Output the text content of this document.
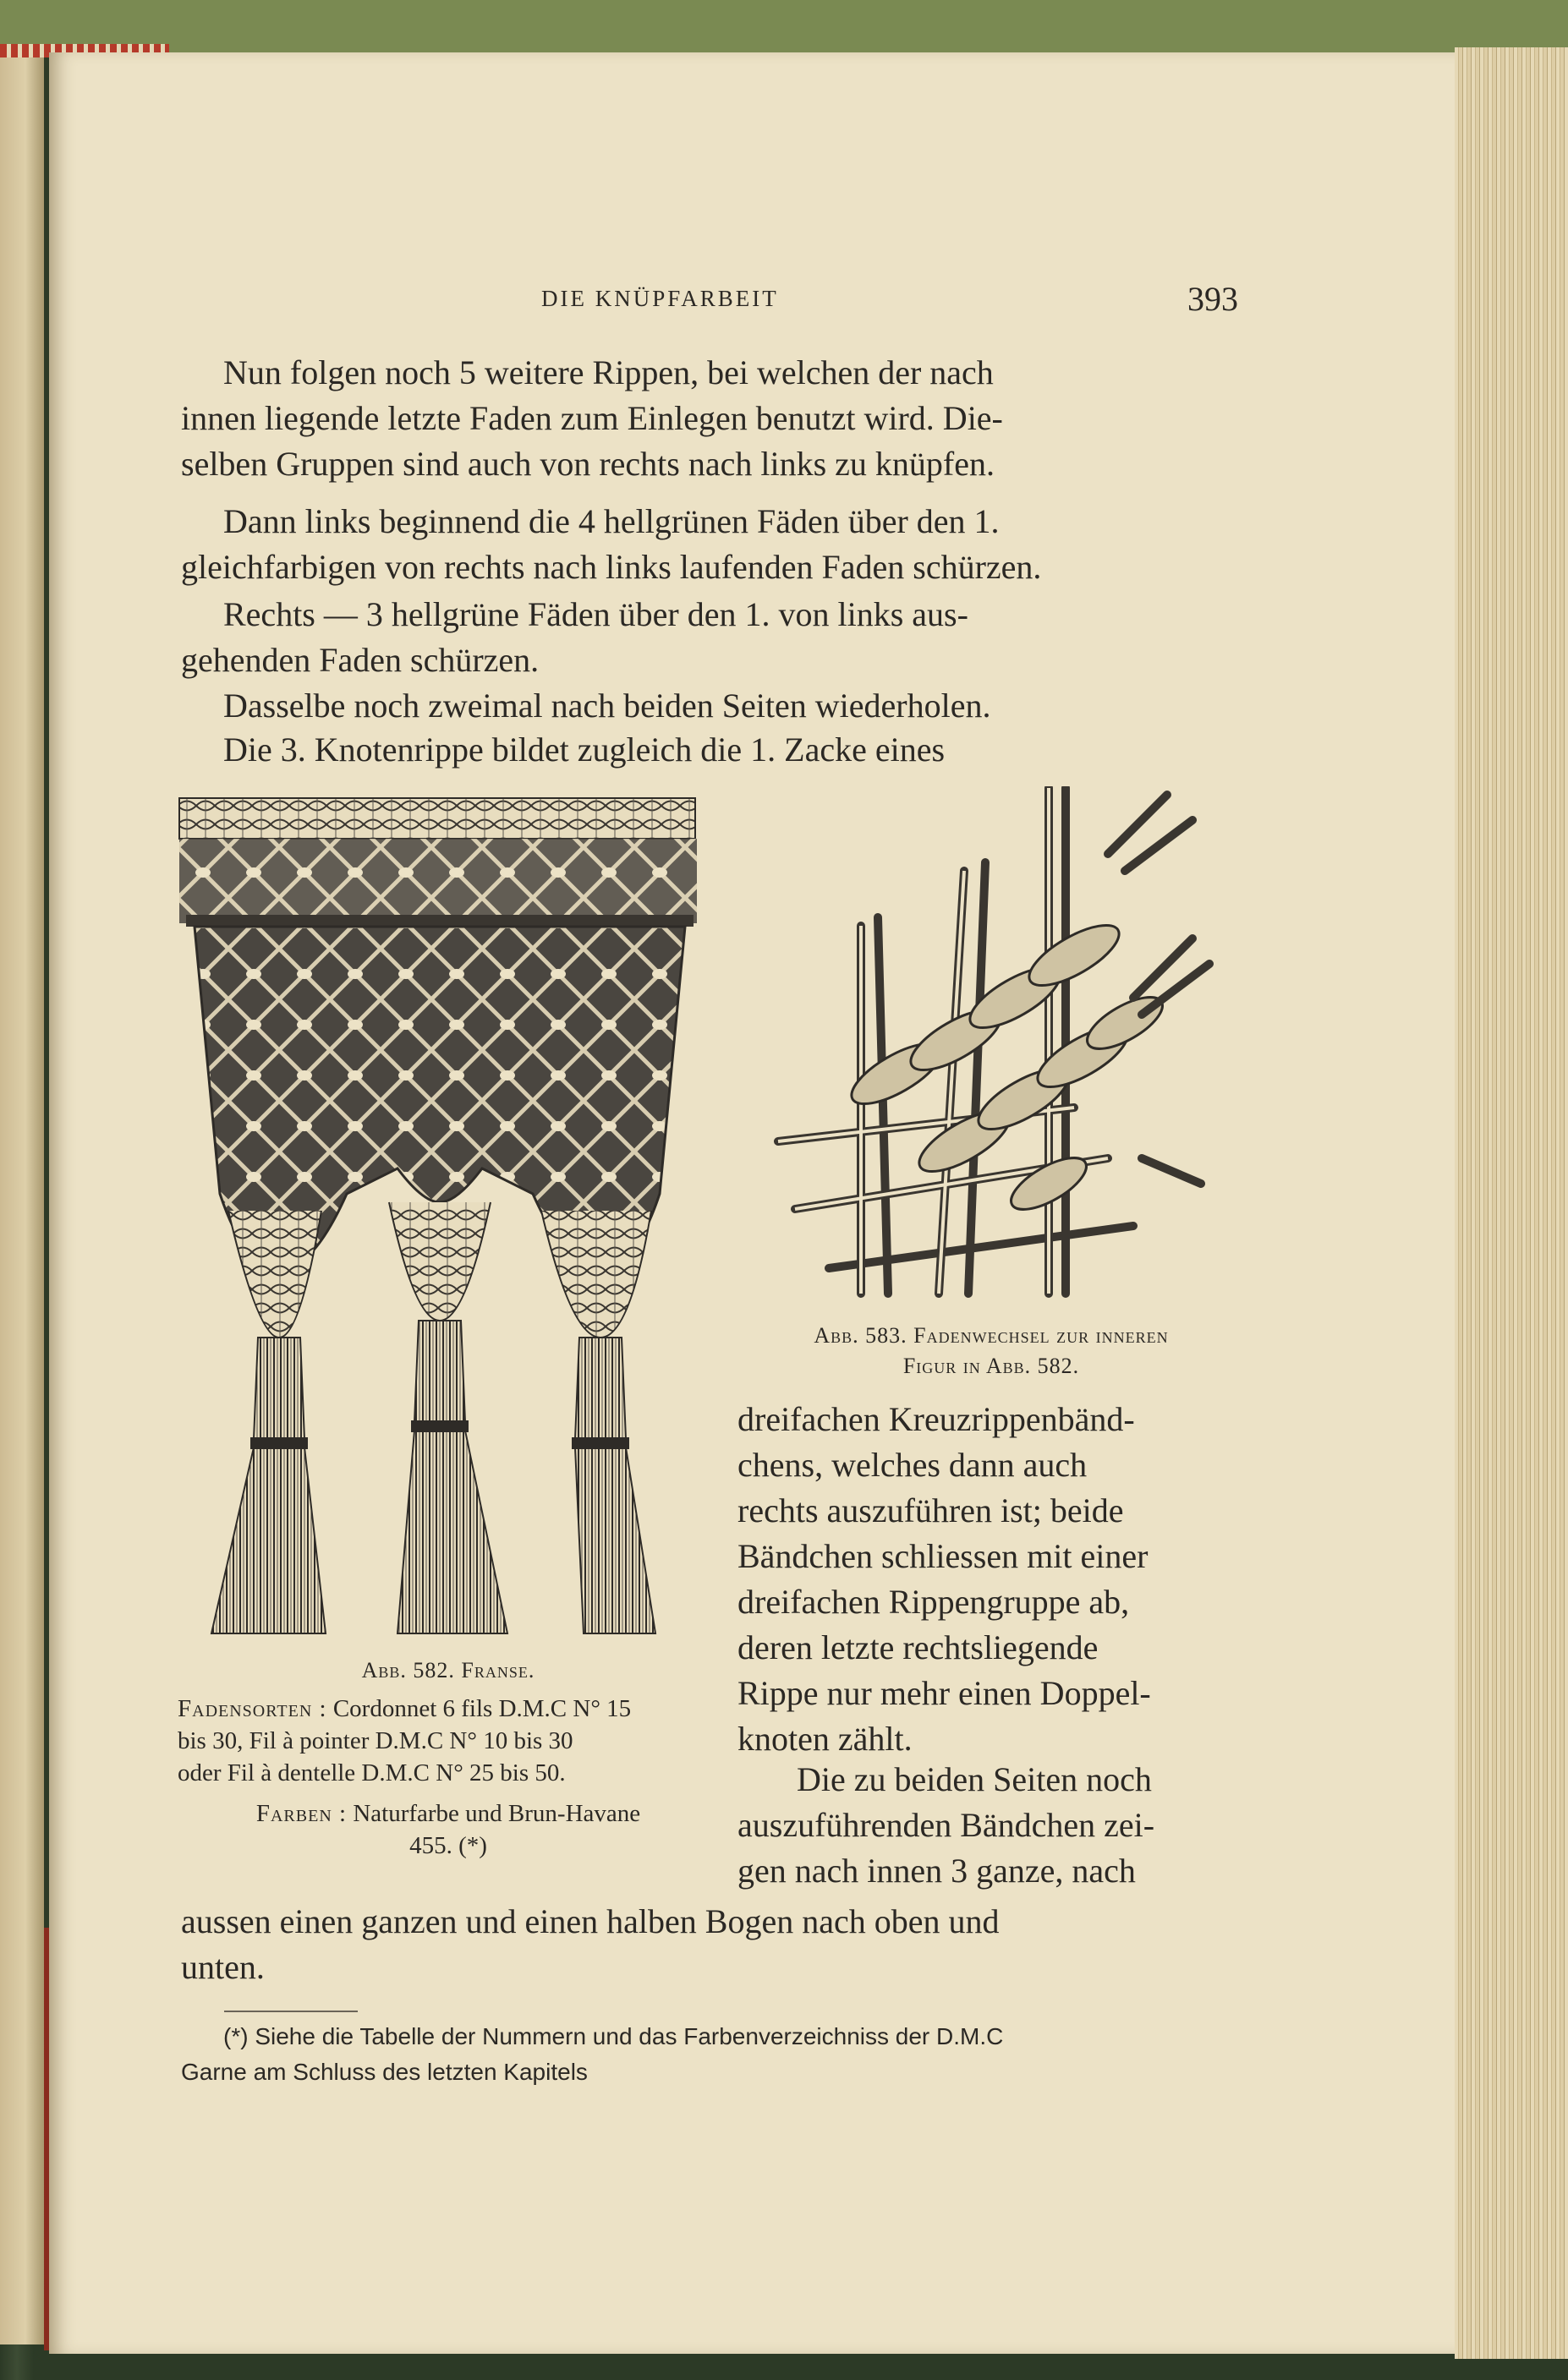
DIE KNÜPFARBEIT	393
Nun folgen noch 5 weitere Rippen, bei welchen der nach
innen liegende letzte Faden zum Einlegen benutzt wird. Die-
selben Gruppen sind auch von rechts nach links zu knüpfen.
Dann links beginnend die 4 hellgrünen Fäden über den 1.
gleichfarbigen von rechts nach links laufenden Faden schürzen.
Rechts — 3 hellgrüne Fäden über den 1. von links aus-
gehenden Faden schürzen.
Dasselbe noch zweimal nach beiden Seiten wiederholen.
Die 3. Knotenrippe bildet zugleich die 1. Zacke eines
Abb. 583. Fadenwechsel zur inneren
Figur in Abb. 582.
Abb. 582. Franse.
Fadensorten : Cordonnet 6 fils D.M.C N° 15
bis 30, Fil à pointer D.M.C N° 10 bis 30
oder Fil à dentelle D.M.C N° 25 bis 50.
Farben : Naturfarbe und Brun-Havane
455. (*)
dreifachen Kreuzrippenbänd-
chens, welches dann auch
rechts auszuführen ist; beide
Bändchen schliessen mit einer
dreifachen Rippengruppe ab,
deren letzte rechtsliegende
Rippe nur mehr einen Doppel-
knoten zählt.
Die zu beiden Seiten noch
auszuführenden Bändchen zei-
gen nach innen 3 ganze, nach
aussen einen ganzen und einen halben Bogen nach oben und
unten.
(*) Siehe die Tabelle der Nummern und das Farbenverzeichniss der D.M.C
Garne am Schluss des letzten Kapitels
